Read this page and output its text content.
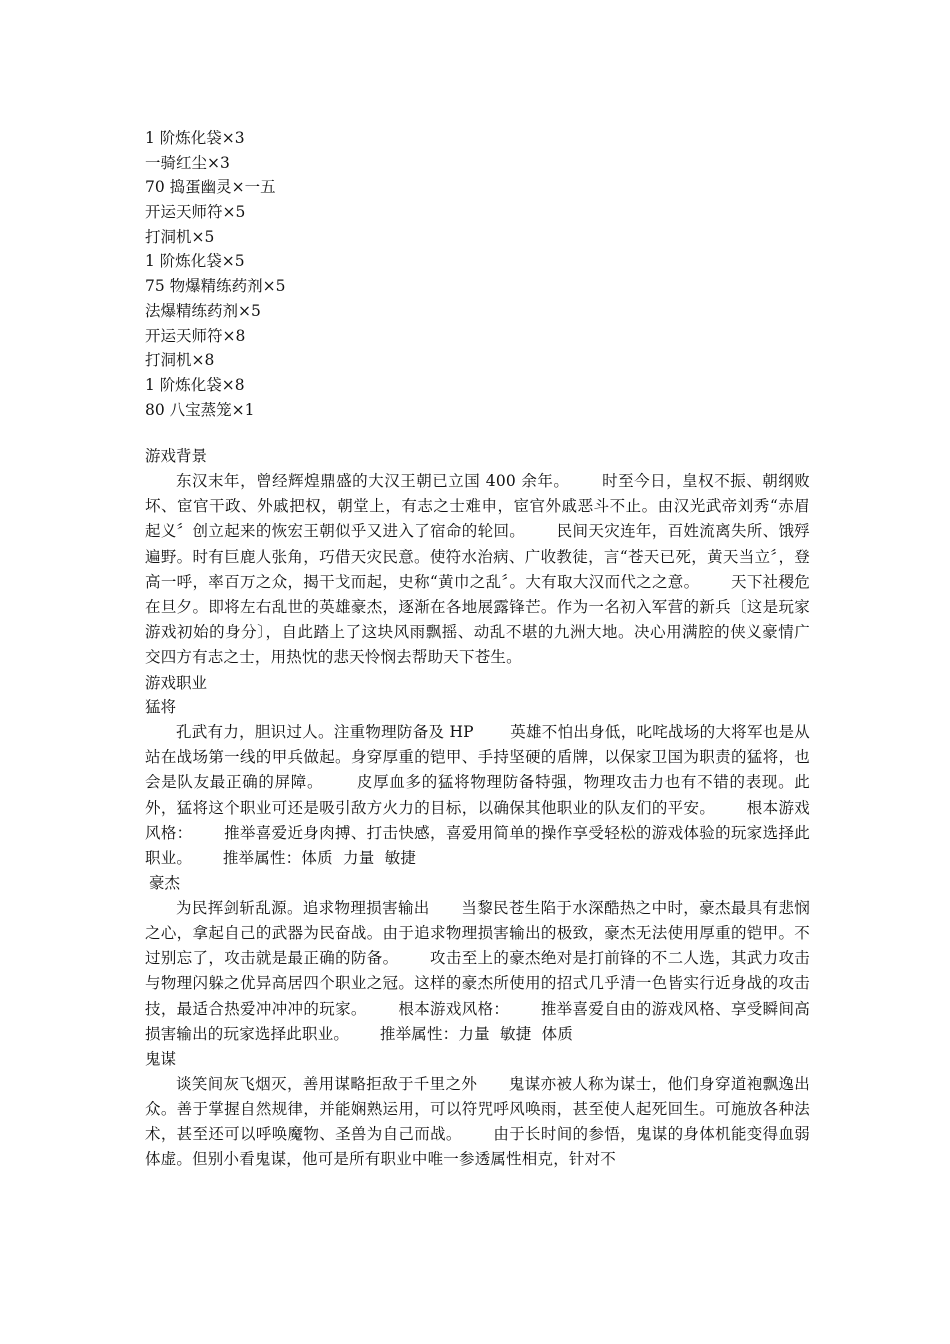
1 阶炼化袋×3
一骑红尘×3
70 捣蛋幽灵×一五
开运天师符×5
打洞机×5
1 阶炼化袋×5
75 物爆精练药剂×5
法爆精练药剂×5
开运天师符×8
打洞机×8
1 阶炼化袋×8
80 八宝蒸笼×1
游戏背景

东汉末年，曾经辉煌鼎盛的大汉王朝已立国 400 余年。      时至今日，皇权不振、朝纲败坏、宦官干政、外戚把权，朝堂上，有志之士难申，宦官外戚恶斗不止。由汉光武帝刘秀“赤眉起义〞创立起来的恢宏王朝似乎又进入了宿命的轮回。      民间天灾连年，百姓流离失所、饿殍遍野。时有巨鹿人张角，巧借天灾民意。使符水治病、广收教徒，言“苍天已死，黄天当立〞，登高一呼，率百万之众，揭干戈而起，史称“黄巾之乱〞。大有取大汉而代之之意。      天下社稷危在旦夕。即将左右乱世的英雄豪杰，逐渐在各地展露锋芒。作为一名初入军营的新兵〔这是玩家游戏初始的身分〕，自此踏上了这块风雨飘摇、动乱不堪的九洲大地。决心用满腔的侠义豪情广交四方有志之士，用热忱的悲天怜悯去帮助天下苍生。

游戏职业
猛将

孔武有力，胆识过人。注重物理防备及 HP       英雄不怕出身低，叱咤战场的大将军也是从站在战场第一线的甲兵做起。身穿厚重的铠甲、手持坚硬的盾牌，以保家卫国为职责的猛将，也会是队友最正确的屏障。      皮厚血多的猛将物理防备特强，物理攻击力也有不错的表现。此外，猛将这个职业可还是吸引敌方火力的目标，以确保其他职业的队友们的平安。      根本游戏风格：      推举喜爱近身肉搏、打击快感，喜爱用简单的操作享受轻松的游戏体验的玩家选择此职业。      推举属性：体质  力量  敏捷

豪杰

为民挥剑斩乱源。追求物理损害输出      当黎民苍生陷于水深酷热之中时，豪杰最具有悲悯之心，拿起自己的武器为民奋战。由于追求物理损害输出的极致，豪杰无法使用厚重的铠甲。不过别忘了，攻击就是最正确的防备。      攻击至上的豪杰绝对是打前锋的不二人选，其武力攻击与物理闪躲之优异高居四个职业之冠。这样的豪杰所使用的招式几乎清一色皆实行近身战的攻击技，最适合热爱冲冲冲的玩家。      根本游戏风格：      推举喜爱自由的游戏风格、享受瞬间高损害输出的玩家选择此职业。      推举属性：力量  敏捷  体质

鬼谋

谈笑间灰飞烟灭，善用谋略拒敌于千里之外      鬼谋亦被人称为谋士，他们身穿道袍飘逸出众。善于掌握自然规律，并能娴熟运用，可以符咒呼风唤雨，甚至使人起死回生。可施放各种法术，甚至还可以呼唤魔物、圣兽为自己而战。      由于长时间的参悟，鬼谋的身体机能变得血弱体虚。但别小看鬼谋，他可是所有职业中唯一参透属性相克，针对不
